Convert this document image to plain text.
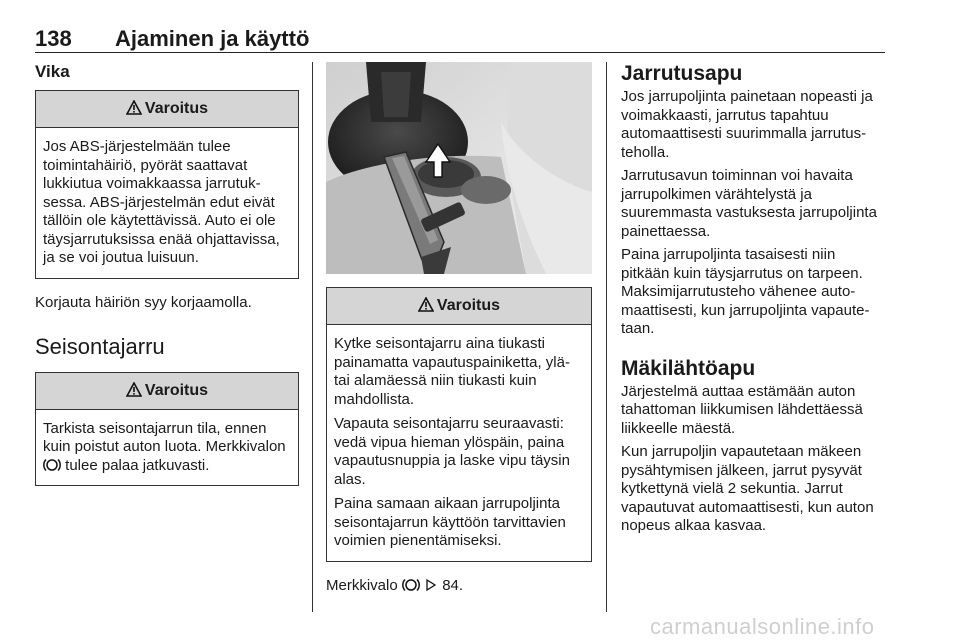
138 Ajaminen ja käyttö
Vika
Varoitus

Jos ABS-järjestelmään tulee toimintahäiriö, pyörät saattavat lukkiutua voimakkaassa jarrutuksessa. ABS-järjestelmän edut eivät tällöin ole käytettävissä. Auto ei ole täysjarrutuksissa enää ohjattavissa, ja se voi joutua luisuun.

Korjauta häiriön syy korjaamolla.

Seisontajarru
Varoitus

Tarkista seisontajarrun tila, ennen kuin poistut auton luota. Merkkivalon  tulee palaa jatkuvasti.

Varoitus

Kytke seisontajarru aina tiukasti painamatta vapautuspainiketta, ylä- tai alamäessä niin tiukasti kuin mahdollista.

Vapauta seisontajarru seuraavasti: vedä vipua hieman ylöspäin, paina vapautusnuppia ja laske vipu täysin alas.

Paina samaan aikaan jarrupoljinta seisontajarrun käyttöön tarvittavien voimien pienentämiseksi.

Merkkivalo	84.

Jarrutusapu

Jos jarrupoljinta painetaan nopeasti ja voimakkaasti, jarrutus tapahtuu automaattisesti suurimmalla jarrutusteholla.

Jarrutusavun toiminnan voi havaita jarrupolkimen värähtelystä ja suuremmasta vastuksesta jarrupoljinta painettaessa.

Paina jarrupoljinta tasaisesti niin pitkään kuin täysjarrutus on tarpeen. Maksimijarrutusteho vähenee automaattisesti, kun jarrupoljinta vapautetaan.

Mäkilähtöapu

Järjestelmä auttaa estämään auton tahattoman liikkumisen lähdettäessä liikkeelle mäestä.

Kun jarrupoljin vapautetaan mäkeen pysähtymisen jälkeen, jarrut pysyvät kytkettynä vielä 2 sekuntia. Jarrut vapautuvat automaattisesti, kun auton nopeus alkaa kasvaa.

carmanualsonline.info
